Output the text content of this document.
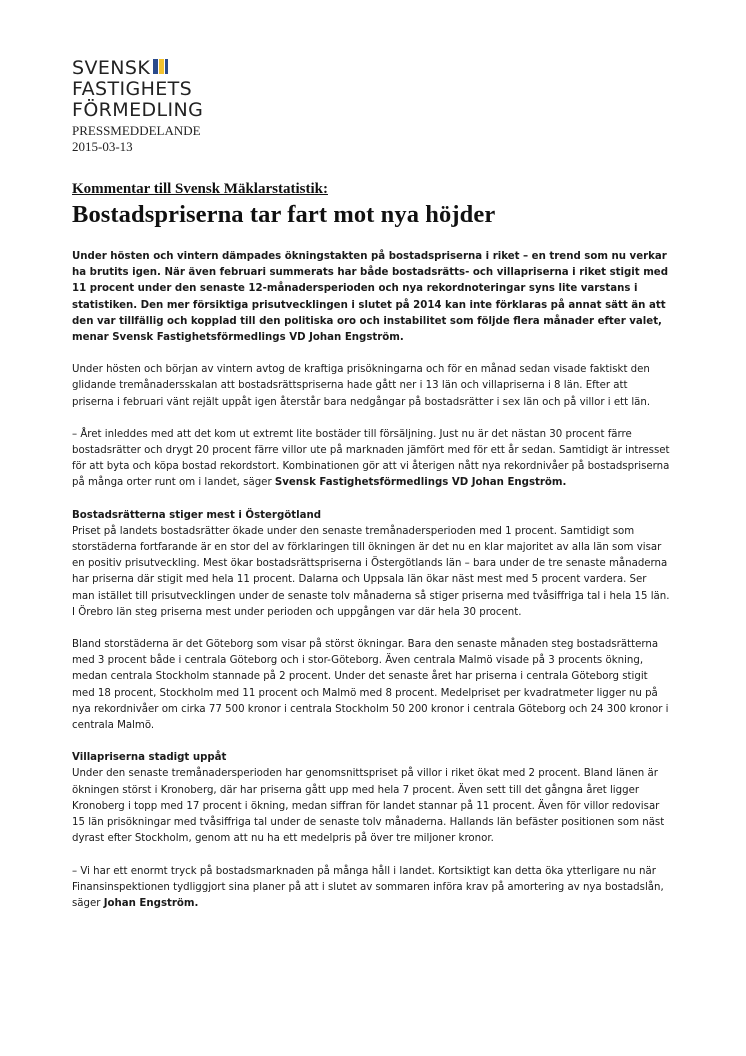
SVENSK
FASTIGHETS
FÖRMEDLING
PRESSMEDDELANDE
2015-03-13
Kommentar till Svensk Mäklarstatistik:
Bostadspriserna tar fart mot nya höjder

Under hösten och vintern dämpades ökningstakten på bostadspriserna i riket – en trend som nu verkar ha brutits igen. När även februari summerats har både bostadsrätts- och villapriserna i riket stigit med 11 procent under den senaste 12-månadersperioden och nya rekordnoteringar syns lite varstans i statistiken. Den mer försiktiga prisutvecklingen i slutet på 2014 kan inte förklaras på annat sätt än att den var tillfällig och kopplad till den politiska oro och instabilitet som följde flera månader efter valet, menar Svensk Fastighetsförmedlings VD Johan Engström.

Under hösten och början av vintern avtog de kraftiga prisökningarna och för en månad sedan visade faktiskt den glidande tremånadersskalan att bostadsrättspriserna hade gått ner i 13 län och villapriserna i 8 län. Efter att priserna i februari vänt rejält uppåt igen återstår bara nedgångar på bostadsrätter i sex län och på villor i ett län.

– Året inleddes med att det kom ut extremt lite bostäder till försäljning. Just nu är det nästan 30 procent färre bostadsrätter och drygt 20 procent färre villor ute på marknaden jämfört med för ett år sedan. Samtidigt är intresset för att byta och köpa bostad rekordstort. Kombinationen gör att vi återigen nått nya rekordnivåer på bostadspriserna på många orter runt om i landet, säger Svensk Fastighetsförmedlings VD Johan Engström.

Bostadsrätterna stiger mest i Östergötland
Priset på landets bostadsrätter ökade under den senaste tremånadersperioden med 1 procent. Samtidigt som storstäderna fortfarande är en stor del av förklaringen till ökningen är det nu en klar majoritet av alla län som visar en positiv prisutveckling. Mest ökar bostadsrättspriserna i Östergötlands län – bara under de tre senaste månaderna har priserna där stigit med hela 11 procent. Dalarna och Uppsala län ökar näst mest med 5 procent vardera. Ser man istället till prisutvecklingen under de senaste tolv månaderna så stiger priserna med tvåsiffriga tal i hela 15 län. I Örebro län steg priserna mest under perioden och uppgången var där hela 30 procent.

Bland storstäderna är det Göteborg som visar på störst ökningar. Bara den senaste månaden steg bostadsrätterna med 3 procent både i centrala Göteborg och i stor-Göteborg. Även centrala Malmö visade på 3 procents ökning, medan centrala Stockholm stannade på 2 procent. Under det senaste året har priserna i centrala Göteborg stigit med 18 procent, Stockholm med 11 procent och Malmö med 8 procent. Medelpriset per kvadratmeter ligger nu på nya rekordnivåer om cirka 77 500 kronor i centrala Stockholm 50 200 kronor i centrala Göteborg och 24 300 kronor i centrala Malmö.

Villapriserna stadigt uppåt
Under den senaste tremånadersperioden har genomsnittspriset på villor i riket ökat med 2 procent. Bland länen är ökningen störst i Kronoberg, där har priserna gått upp med hela 7 procent. Även sett till det gångna året ligger Kronoberg i topp med 17 procent i ökning, medan siffran för landet stannar på 11 procent. Även för villor redovisar 15 län prisökningar med tvåsiffriga tal under de senaste tolv månaderna. Hallands län befäster positionen som näst dyrast efter Stockholm, genom att nu ha ett medelpris på över tre miljoner kronor.

– Vi har ett enormt tryck på bostadsmarknaden på många håll i landet. Kortsiktigt kan detta öka ytterligare nu när Finansinspektionen tydliggjort sina planer på att i slutet av sommaren införa krav på amortering av nya bostadslån, säger Johan Engström.
